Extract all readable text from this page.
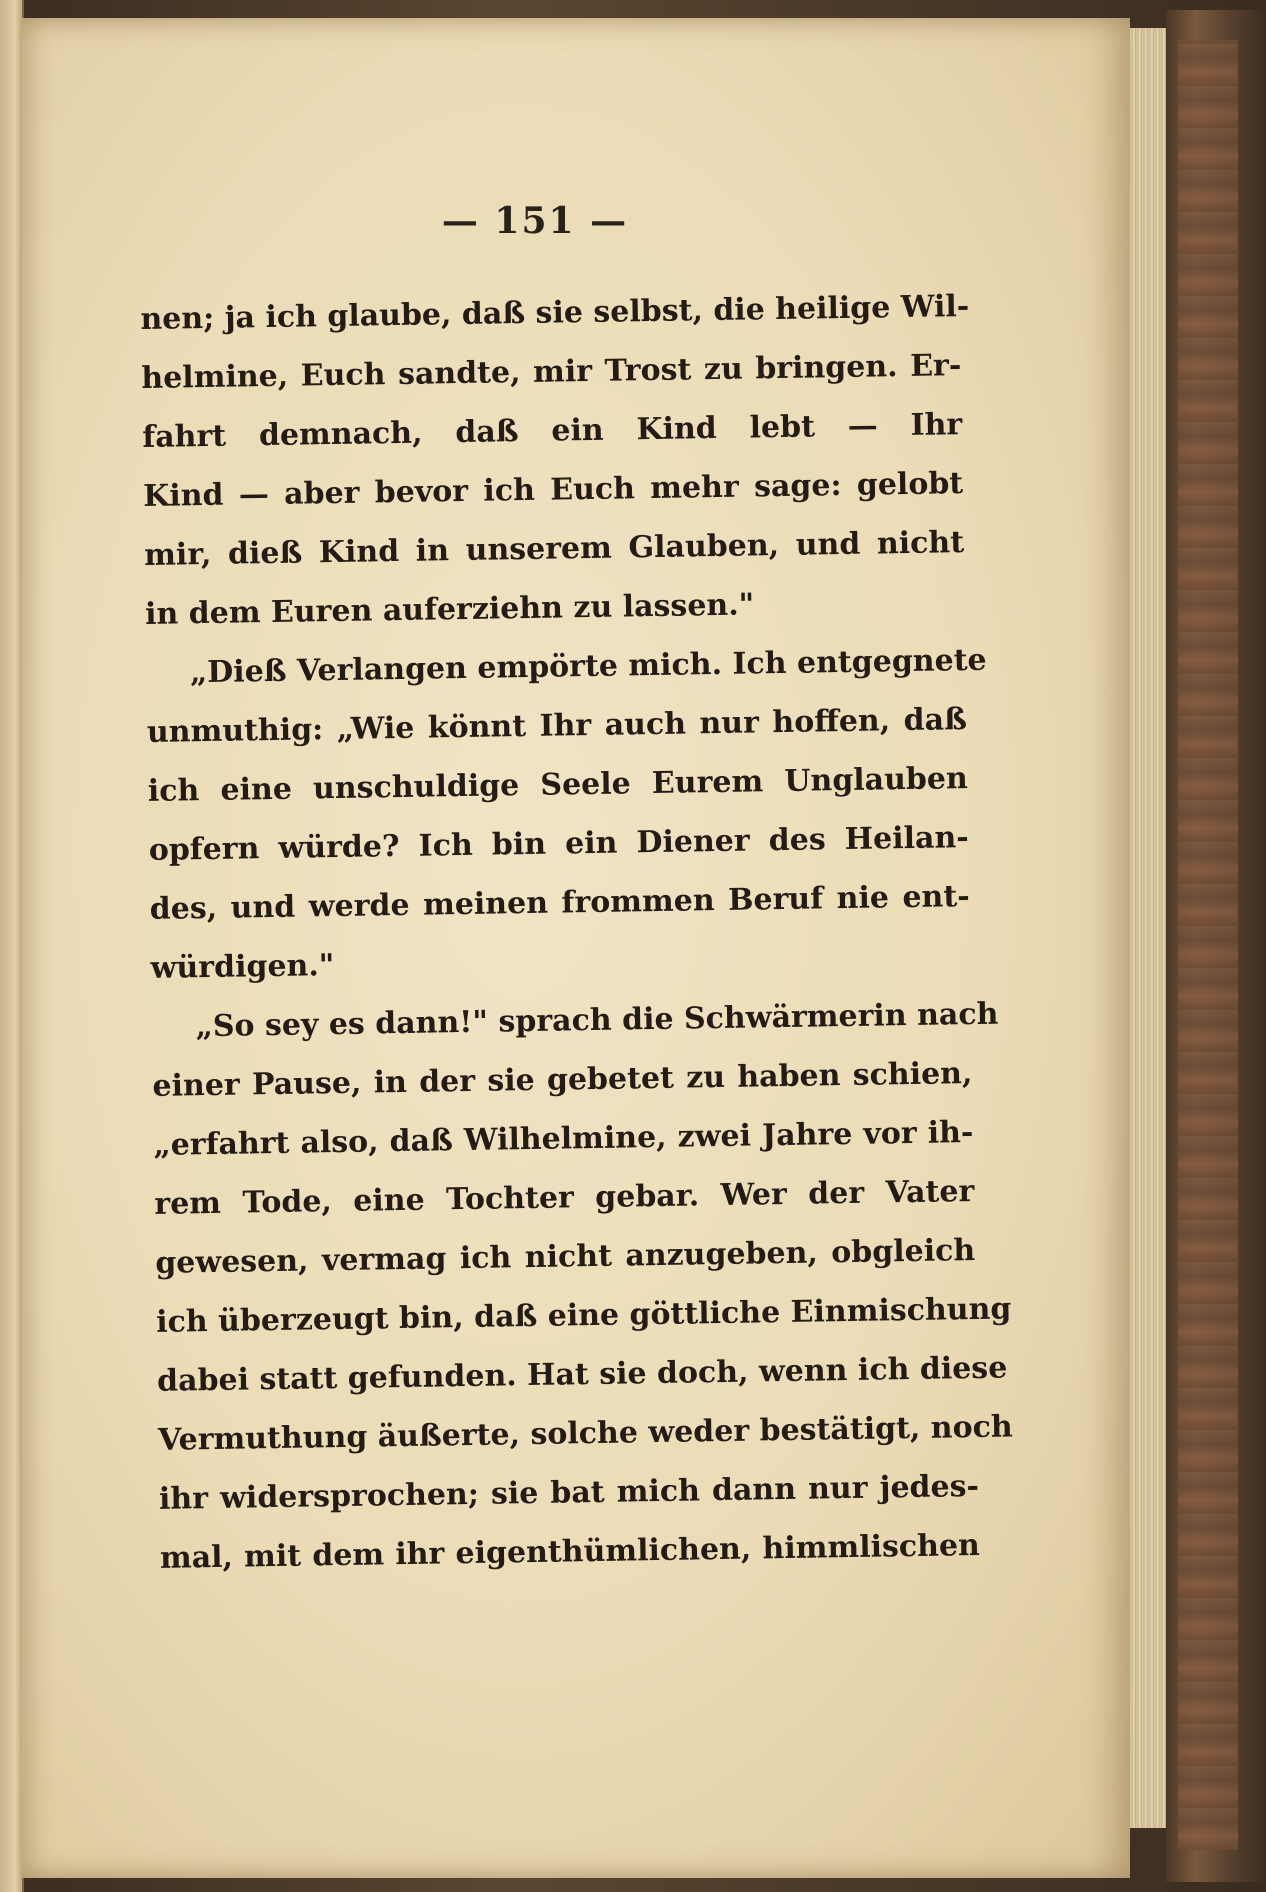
— 151 —
nen; ja ich glaube, daß sie selbst, die heilige Wil-
helmine, Euch sandte, mir Trost zu bringen. Er-
fahrt demnach, daß ein Kind lebt — Ihr
Kind — aber bevor ich Euch mehr sage: gelobt
mir, dieß Kind in unserem Glauben, und nicht
in dem Euren auferziehn zu lassen."
„Dieß Verlangen empörte mich. Ich entgegnete
unmuthig: „Wie könnt Ihr auch nur hoffen, daß
ich eine unschuldige Seele Eurem Unglauben
opfern würde? Ich bin ein Diener des Heilan-
des, und werde meinen frommen Beruf nie ent-
würdigen."
„So sey es dann!" sprach die Schwärmerin nach
einer Pause, in der sie gebetet zu haben schien,
„erfahrt also, daß Wilhelmine, zwei Jahre vor ih-
rem Tode, eine Tochter gebar. Wer der Vater
gewesen, vermag ich nicht anzugeben, obgleich
ich überzeugt bin, daß eine göttliche Einmischung
dabei statt gefunden. Hat sie doch, wenn ich diese
Vermuthung äußerte, solche weder bestätigt, noch
ihr widersprochen; sie bat mich dann nur jedes-
mal, mit dem ihr eigenthümlichen, himmlischen
